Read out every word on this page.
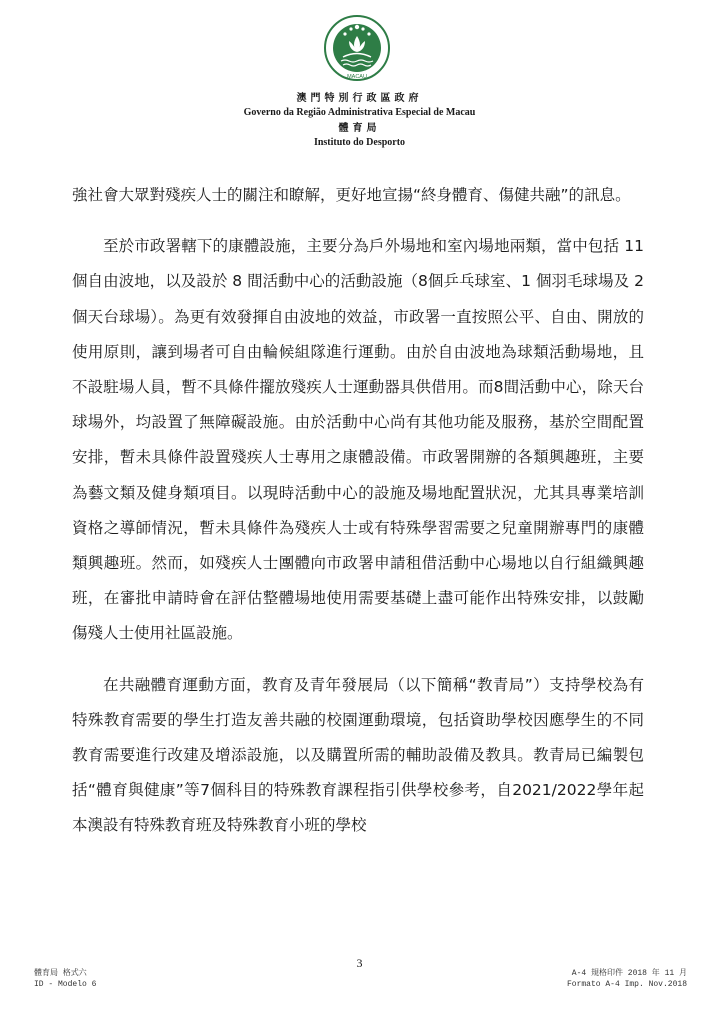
MACAU
澳門特別行政區政府
Governo da Região Administrativa Especial de Macau
體育局
Instituto do Desporto

強社會大眾對殘疾人士的關注和瞭解，更好地宣揚“終身體育、傷健共融”的訊息。

至於市政署轄下的康體設施，主要分為戶外場地和室內場地兩類，當中包括 11 個自由波地，以及設於 8 間活動中心的活動設施（8個乒乓球室、1 個羽毛球場及 2 個天台球場）。為更有效發揮自由波地的效益，市政署一直按照公平、自由、開放的使用原則，讓到場者可自由輪候組隊進行運動。由於自由波地為球類活動場地，且不設駐場人員，暫不具條件擺放殘疾人士運動器具供借用。而8間活動中心，除天台球場外，均設置了無障礙設施。由於活動中心尚有其他功能及服務，基於空間配置安排，暫未具條件設置殘疾人士專用之康體設備。市政署開辦的各類興趣班，主要為藝文類及健身類項目。以現時活動中心的設施及場地配置狀況，尤其具專業培訓資格之導師情況，暫未具條件為殘疾人士或有特殊學習需要之兒童開辦專門的康體類興趣班。然而，如殘疾人士團體向市政署申請租借活動中心場地以自行組織興趣班，在審批申請時會在評估整體場地使用需要基礎上盡可能作出特殊安排，以鼓勵傷殘人士使用社區設施。

在共融體育運動方面，教育及青年發展局（以下簡稱“教青局”）支持學校為有特殊教育需要的學生打造友善共融的校園運動環境，包括資助學校因應學生的不同教育需要進行改建及增添設施，以及購置所需的輔助設備及教具。教青局已編製包括“體育與健康”等7個科目的特殊教育課程指引供學校參考，自2021/2022學年起本澳設有特殊教育班及特殊教育小班的學校

3
體育局 格式六
ID - Modelo 6
A-4 規格印件 2018 年 11 月
Formato A-4 Imp. Nov.2018
